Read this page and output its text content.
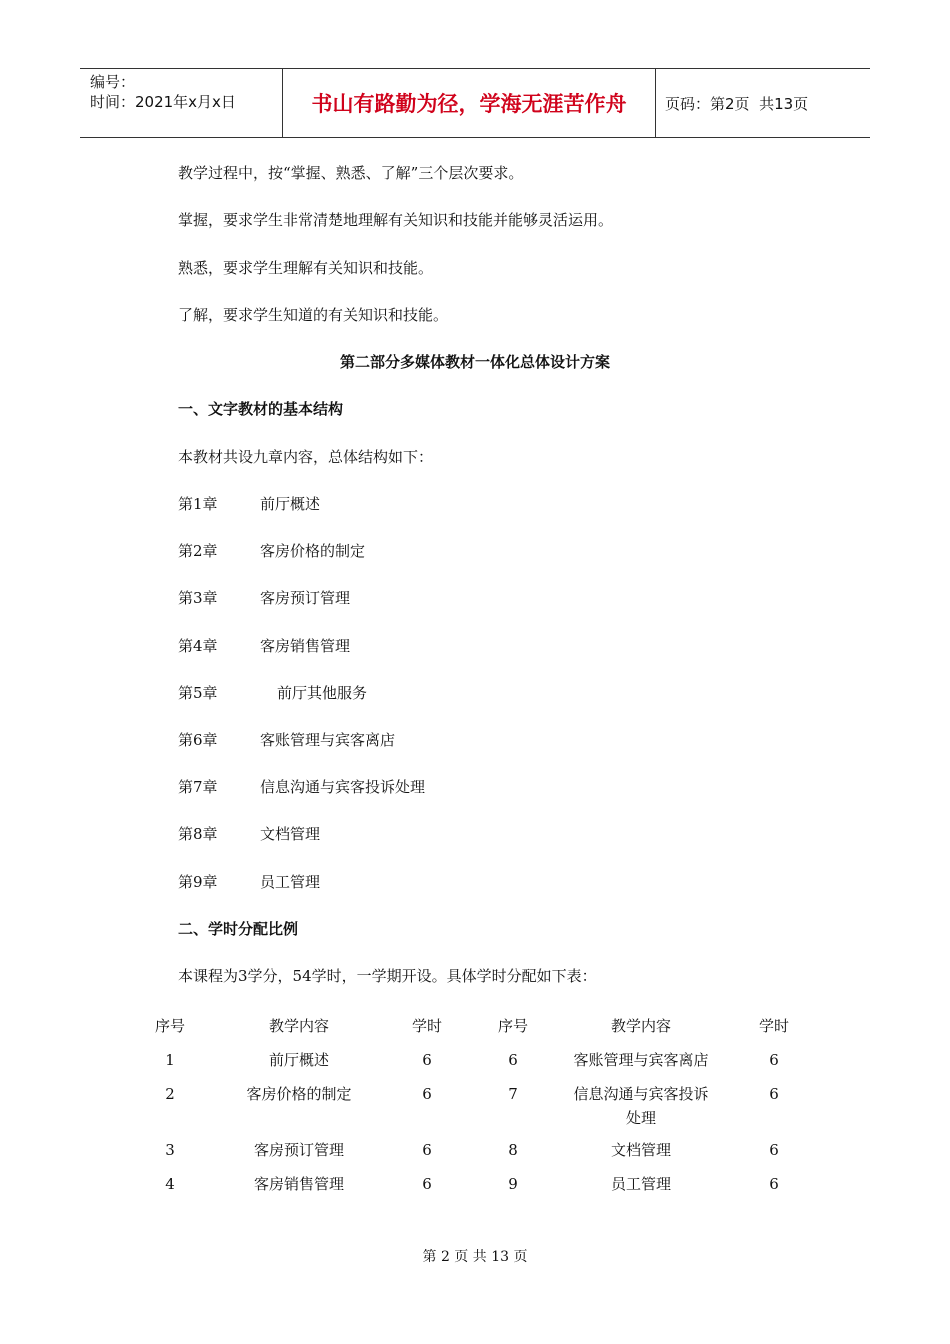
编号：
时间：2021年x月x日	书山有路勤为径，学海无涯苦作舟	页码：第2页  共13页
教学过程中，按“掌握、熟悉、了解”三个层次要求。
掌握，要求学生非常清楚地理解有关知识和技能并能够灵活运用。
熟悉，要求学生理解有关知识和技能。
了解，要求学生知道的有关知识和技能。
第二部分多媒体教材一体化总体设计方案
一、文字教材的基本结构
本教材共设九章内容，总体结构如下：
第1章	前厅概述
第2章	客房价格的制定
第3章	客房预订管理
第4章	客房销售管理
第5章	前厅其他服务
第6章	客账管理与宾客离店
第7章	信息沟通与宾客投诉处理
第8章	文档管理
第9章	员工管理
二、学时分配比例
本课程为3学分，54学时，一学期开设。具体学时分配如下表：
序号	教学内容	学时	序号	教学内容	学时
1	前厅概述	6	6	客账管理与宾客离店	6
2	客房价格的制定	6	7	信息沟通与宾客投诉处理	6
3	客房预订管理	6	8	文档管理	6
4	客房销售管理	6	9	员工管理	6
第 2 页 共 13 页
